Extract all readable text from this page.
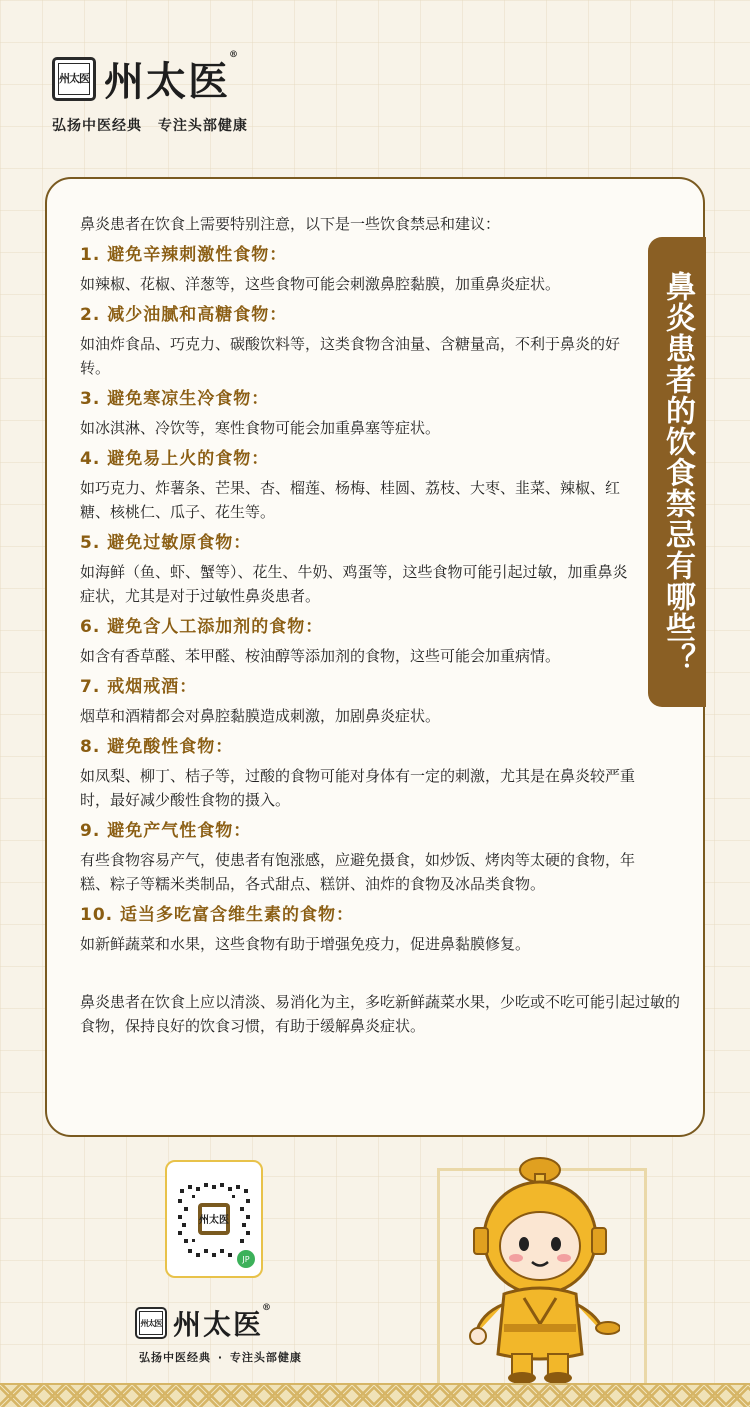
州太医 州太医
®
弘扬中医经典 专注头部健康
鼻炎患者在饮食上需要特别注意，以下是一些饮食禁忌和建议：
1. 避免辛辣刺激性食物：
如辣椒、花椒、洋葱等，这些食物可能会刺激鼻腔黏膜，加重鼻炎症状。
2. 减少油腻和高糖食物：
如油炸食品、巧克力、碳酸饮料等，这类食物含油量、含糖量高，不利于鼻炎的好转。
3. 避免寒凉生冷食物：
如冰淇淋、冷饮等，寒性食物可能会加重鼻塞等症状。
4. 避免易上火的食物：
如巧克力、炸薯条、芒果、杏、榴莲、杨梅、桂圆、荔枝、大枣、韭菜、辣椒、红糖、核桃仁、瓜子、花生等。
5. 避免过敏原食物：
如海鲜（鱼、虾、蟹等）、花生、牛奶、鸡蛋等，这些食物可能引起过敏，加重鼻炎症状，尤其是对于过敏性鼻炎患者。
6. 避免含人工添加剂的食物：
如含有香草醛、苯甲醛、桉油醇等添加剂的食物，这些可能会加重病情。
7. 戒烟戒酒：
烟草和酒精都会对鼻腔黏膜造成刺激，加剧鼻炎症状。
8. 避免酸性食物：
如凤梨、柳丁、桔子等，过酸的食物可能对身体有一定的刺激，尤其是在鼻炎较严重时，最好减少酸性食物的摄入。
9. 避免产气性食物：
有些食物容易产气，使患者有饱涨感，应避免摄食，如炒饭、烤肉等太硬的食物，年糕、粽子等糯米类制品，各式甜点、糕饼、油炸的食物及冰品类食物。
10. 适当多吃富含维生素的食物：
如新鲜蔬菜和水果，这些食物有助于增强免疫力，促进鼻黏膜修复。
鼻炎患者在饮食上应以清淡、易消化为主，多吃新鲜蔬菜水果，少吃或不吃可能引起过敏的食物，保持良好的饮食习惯，有助于缓解鼻炎症状。
鼻炎患者的饮食禁忌有哪些？
州太医
JP
州太医 州太医 ®
弘扬中医经典 · 专注头部健康
